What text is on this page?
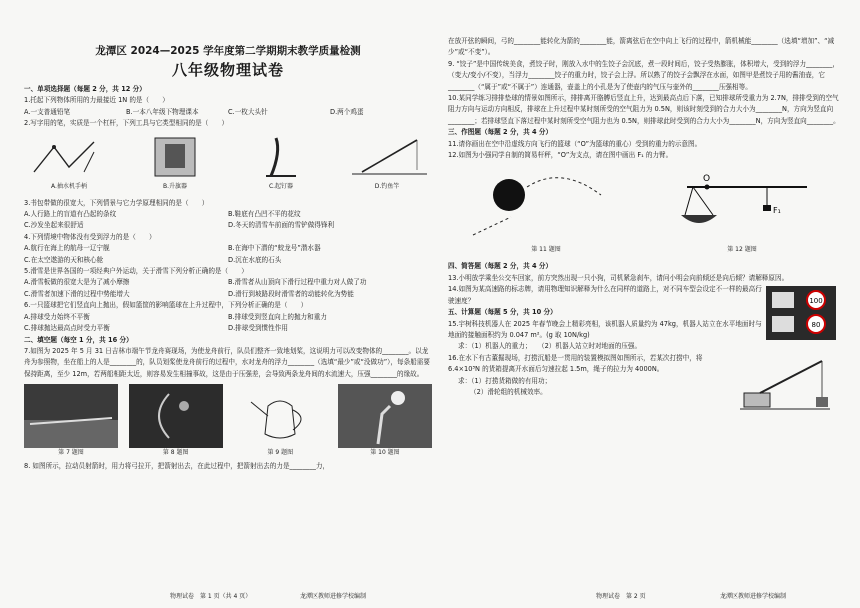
龙潭区 2024—2025 学年度第二学期期末教学质量检测
八年级物理试卷
一、单项选择题（每题 2 分，共 12 分）
1.托起下列物体所用的力最接近 1N 的是（　　）
A.一支普通铅笔	B.一本八年级下物理课本	C.一枚大头针	D.两个鸡蛋
2.写字用的笔，实质是一个杠杆，下列工具与它类型相同的是（　　）
A.抽水机手柄	B.升旗器	C.起钉器	D.钓鱼竿
3.书包带做的很宽大，下列情景与它力学原理相同的是（　　）
A.人行路上的盲道有凸起的条纹	B.鞋底有凸凹不平的花纹
C.沙发坐起来很舒适	D.冬天的清雪车前面的雪铲做得锋利
4.下列情境中物体没有受到浮力的是（　　）
A.航行在海上的航母一辽宁舰	B.在海中下潜的“蛟龙号”潜水器
C.在太空遨游的天和核心舱	D.沉在水底的石头
5.滑雪是世界各国的一项经典户外运动，关于滑雪下列分析正确的是（　　）
A.滑雪板做的很宽大是为了减小摩擦	B.滑雪者从山顶向下滑行过程中重力对人做了功
C.滑雪者加速下滑的过程中势能增大	D.滑行到坡路段时滑雪者的动能转化为势能
6.一只篮球把它们竖直向上抛出，假如篮筐的影响篮球在上升过程中，下列分析正确的是（　　）
A.排球受力始终不平衡	B.排球受到竖直向上的抛力和重力
C.排球抛达最高点时受力平衡	D.排球受到惯性作用
二、填空题（每空 1 分，共 16 分）
7.如图为 2025 年 5 月 31 日吉林市端午节龙舟赛现场，为使龙舟前行，队员们整齐一致地划桨，这说明力可以改变物体的________。以龙舟为参照物，坐在船上的人是________的，队员划桨使龙舟前行的过程中，水对龙舟的浮力________（选填“最少”或“没做功”），每条船需要保持距离，至少 12m，若两船相距太近，则容易发生相撞事故，这是由于压强差，会导致两条龙舟间的水流速大，压强________的缘故。
第 7 题图	第 8 题图	第 9 题图	第 10 题图
8. 如图所示，拉动员射箭时，用力将弓拉开，把箭射出去，在此过程中，把箭射出去的力是________力，
物理试卷　第 1 页（共 4 页）	龙潭区教师进修学校编制
在放开弦的瞬间，弓的________能转化为箭的________能，箭离弦后在空中向上飞行的过程中，箭机械能________（选填“增加”、“减少”或“不变”）。
9. “饺子”是中国传统美食，煮饺子时，刚放入水中的生饺子会沉底，煮一段时间后，饺子受热膨胀，体积增大，受到的浮力________，（变大/变小/不变），当浮力________饺子的重力时，饺子会上浮。所以熟了的饺子会飘浮在水面，如图甲是煮饺子用的酱油壶，它________（“属于”或“不属于”）连通器，壶盖上的小孔是为了使壶内的气压与壶外的________压强相等。
10.某同学练习排排垫球的情景如图所示，排排离开胳膊后竖直上升，达到最高点后下落，已知排球所受重力为 2.7N，排排受到的空气阻力方向与运动方向相反，排球在上升过程中某时刻所受的空气阻力为 0.5N，则该时刻受到的合力大小为________N，方向为竖直向________；若排球竖直下落过程中某时刻所受空气阻力也为 0.5N，则排球此时受到的合力大小为________N，方向为竖直向________。
三、作图题（每题 2 分，共 4 分）
11.请你画出在空中沿虚线方向飞行的篮球（“O”为篮球的重心）受到的重力的示意图。
12.如图为小强同学自制的简易杆秤，“O”为支点，请在图中画出 F₁ 的力臂。
第 11 题图
O
F₁
第 12 题图
四、简答题（每题 2 分，共 4 分）
13.小明放学乘坐公交车回家，前方突然出现一只小狗，司机紧急刹车，请问小明会向前倾还是向后倾？请解释原因。
100
80
14.如图为某高速路的标志牌，请用物理知识解释为什么在同样的道路上，对不同车型会设定不一样的最高行驶速度？
五、计算题（每题 5 分，共 10 分）
15.宇树科技机器人在 2025 年春节晚会上精彩亮相，该机器人质量约为 47kg，机器人站立在水平地面时与地面的接触面积约为 0.047 m²。(g 取 10N/kg)
求：（1）机器人的重力；　　（2）机器人站立时对地面的压强。
16.在水下有古董掘现场，打捞沉船是一贯用的装置模拟图如图所示，若某次打捞中，将 6.4×10³N 的货箱提离开水面后匀速拉起 1.5m，绳子的拉力为 4000N。
求：（1）打捞货箱做的有用功；
（2）滑轮组的机械效率。
物理试卷　第 2 页	龙潭区教师进修学校编制
